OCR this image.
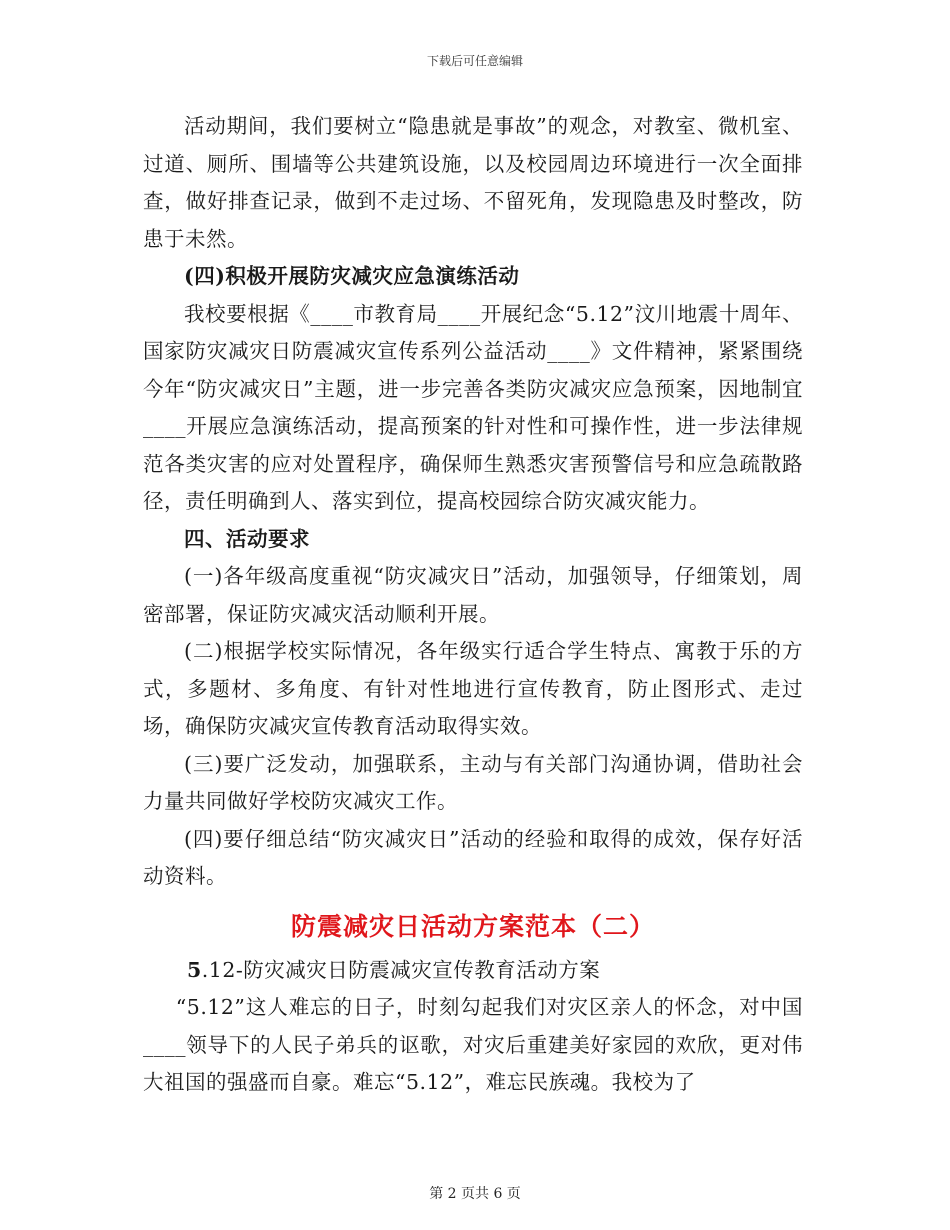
下载后可任意编辑

活动期间，我们要树立“隐患就是事故”的观念，对教室、微机室、过道、厕所、围墙等公共建筑设施，以及校园周边环境进行一次全面排查，做好排查记录，做到不走过场、不留死角，发现隐患及时整改，防患于未然。

(四)积极开展防灾减灾应急演练活动

我校要根据《____市教育局____开展纪念“5.12”汶川地震十周年、国家防灾减灾日防震减灾宣传系列公益活动____》文件精神，紧紧围绕今年“防灾减灾日”主题，进一步完善各类防灾减灾应急预案，因地制宜____开展应急演练活动，提高预案的针对性和可操作性，进一步法律规范各类灾害的应对处置程序，确保师生熟悉灾害预警信号和应急疏散路径，责任明确到人、落实到位，提高校园综合防灾减灾能力。

四、活动要求

(一)各年级高度重视“防灾减灾日”活动，加强领导，仔细策划，周密部署，保证防灾减灾活动顺利开展。

(二)根据学校实际情况，各年级实行适合学生特点、寓教于乐的方式，多题材、多角度、有针对性地进行宣传教育，防止图形式、走过场，确保防灾减灾宣传教育活动取得实效。

(三)要广泛发动，加强联系，主动与有关部门沟通协调，借助社会力量共同做好学校防灾减灾工作。

(四)要仔细总结“防灾减灾日”活动的经验和取得的成效，保存好活动资料。

防震减灾日活动方案范本（二）

5.12-防灾减灾日防震减灾宣传教育活动方案

“5.12”这人难忘的日子，时刻勾起我们对灾区亲人的怀念，对中国____领导下的人民子弟兵的讴歌，对灾后重建美好家园的欢欣，更对伟大祖国的强盛而自豪。难忘“5.12”，难忘民族魂。我校为了

第 2 页共 6 页
